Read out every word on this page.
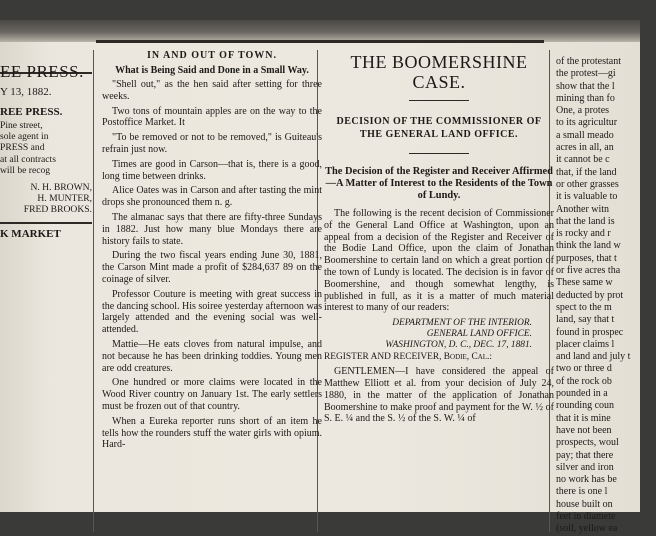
EE PRESS.
Y 13, 1882.
REE PRESS.
Pine street,
sole agent in
PRESS and
at all contracts
will be recog
N. H. BROWN,
H. MUNTER,
FRED BROOKS.
K MARKET
IN AND OUT OF TOWN.
What is Being Said and Done in a Small Way.

"Shell out," as the hen said after setting for three weeks.

Two tons of mountain apples are on the way to the Postoffice Market. It

"To be removed or not to be removed," is Guiteau's refrain just now.

Times are good in Carson—that is, there is a good, long time between drinks.

Alice Oates was in Carson and after tasting the mint drops she pronounced them n. g.

The almanac says that there are fifty-three Sundays in 1882. Just how many blue Mondays there are history fails to state.

During the two fiscal years ending June 30, 1881, the Carson Mint made a profit of $284,637 89 on the coinage of silver.

Professor Couture is meeting with great success in the dancing school. His soiree yesterday afternoon was largely attended and the evening social was well-attended.

Mattie—He eats cloves from natural impulse, and not because he has been drinking toddies. Young men are odd creatures.

One hundred or more claims were located in the Wood River country on January 1st. The early settlers must be frozen out of that country.

When a Eureka reporter runs short of an item he tells how the rounders stuff the water girls with opium. Hard-

THE BOOMERSHINE CASE.
DECISION OF THE COMMISSIONER OF THE GENERAL LAND OFFICE.
The Decision of the Register and Receiver Affirmed—A Matter of Interest to the Residents of the Town of Lundy.

The following is the recent decision of Commissioner of the General Land Office at Washington, upon an appeal from a decision of the Register and Receiver of the Bodie Land Office, upon the claim of Jonathan Boomershine to certain land on which a great portion of the town of Lundy is located. The decision is in favor of Boomershine, and though somewhat lengthy, is published in full, as it is a matter of much material interest to many of our readers:

DEPARTMENT OF THE INTERIOR.
GENERAL LAND OFFICE.
WASHINGTON, D. C., DEC. 17, 1881.
REGISTER AND RECEIVER, Bodie, Cal.:

GENTLEMEN—I have considered the appeal of Matthew Elliott et al. from your decision of July 24, 1880, in the matter of the application of Jonathan Boomershine to make proof and payment for the W. ½ of S. E. ¼ and the S. ½ of the S. W. ¼ of

of the protestant
the protest—gi
show that the l
mining than fo
One, a protes
to its agricultur
a small meado
acres in all, an
it cannot be c
that, if the land
or other grasses
it is valuable to
Another witn
that the land is
is rocky and r
think the land w
purposes, that t
or five acres tha
These same w
deducted by prot
spect to the m
land, say that t
found in prospec
placer claims l
and land and july t
two or three d
of the rock ob
pounded in a
rounding coun
that it is mine
have not been
prospects, woul
pay; that there
silver and iron
no work has be
there is one l
house built on
feet in diamete
(soil, yellow ea
